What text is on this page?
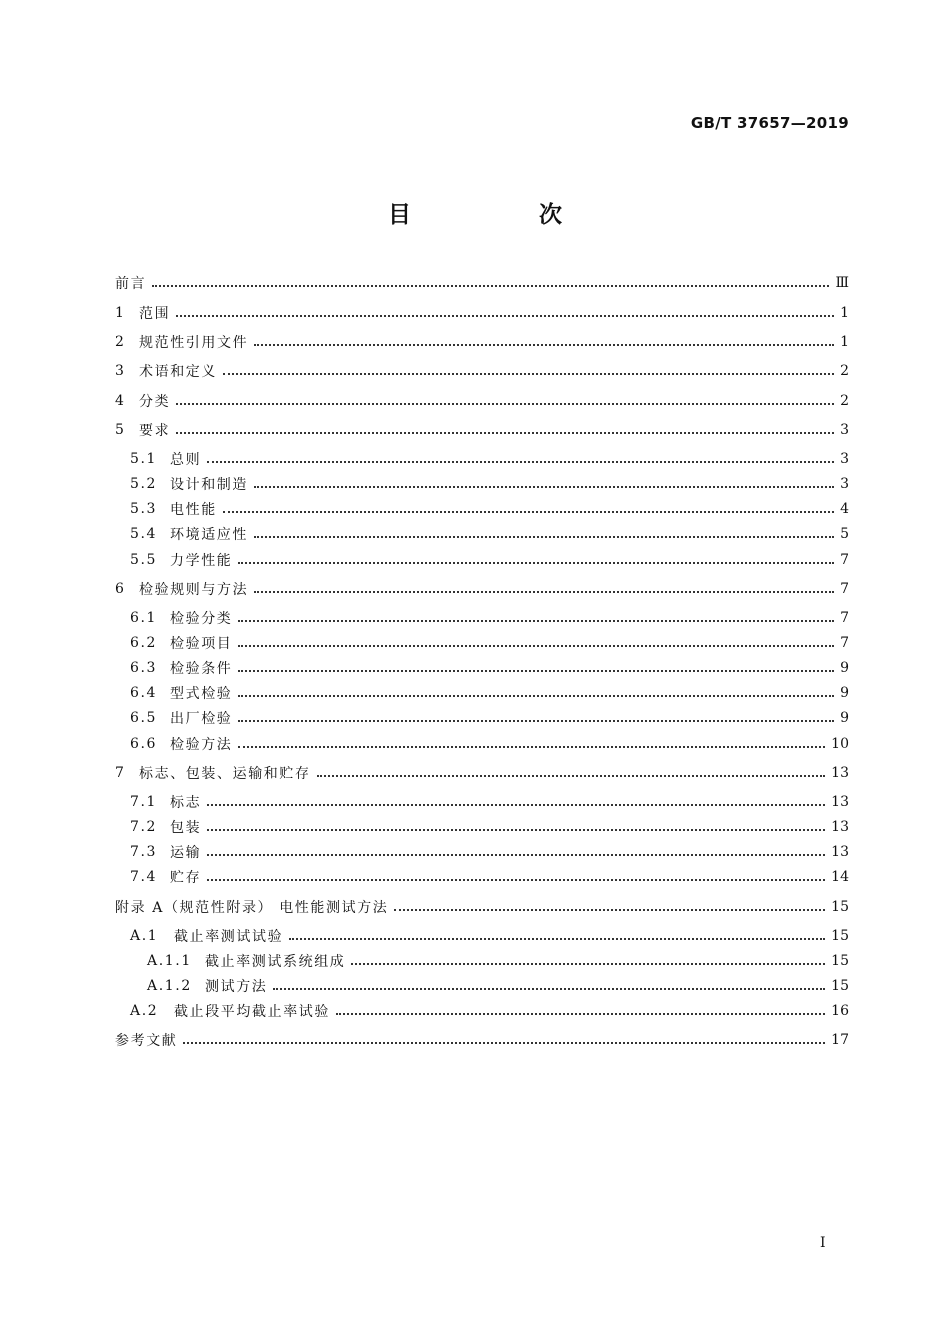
GB/T 37657—2019
目 次
前言	Ⅲ
1 范围	1
2 规范性引用文件	1
3 术语和定义	2
4 分类	2
5 要求	3
5.1 总则	3
5.2 设计和制造	3
5.3 电性能	4
5.4 环境适应性	5
5.5 力学性能	7
6 检验规则与方法	7
6.1 检验分类	7
6.2 检验项目	7
6.3 检验条件	9
6.4 型式检验	9
6.5 出厂检验	9
6.6 检验方法	10
7 标志、包装、运输和贮存	13
7.1 标志	13
7.2 包装	13
7.3 运输	13
7.4 贮存	14
附录 A（规范性附录） 电性能测试方法	15
A.1	截止率测试试验	15
A.1.1 截止率测试系统组成	15
A.1.2 测试方法	15
A.2	截止段平均截止率试验	16
参考文献	17
I
